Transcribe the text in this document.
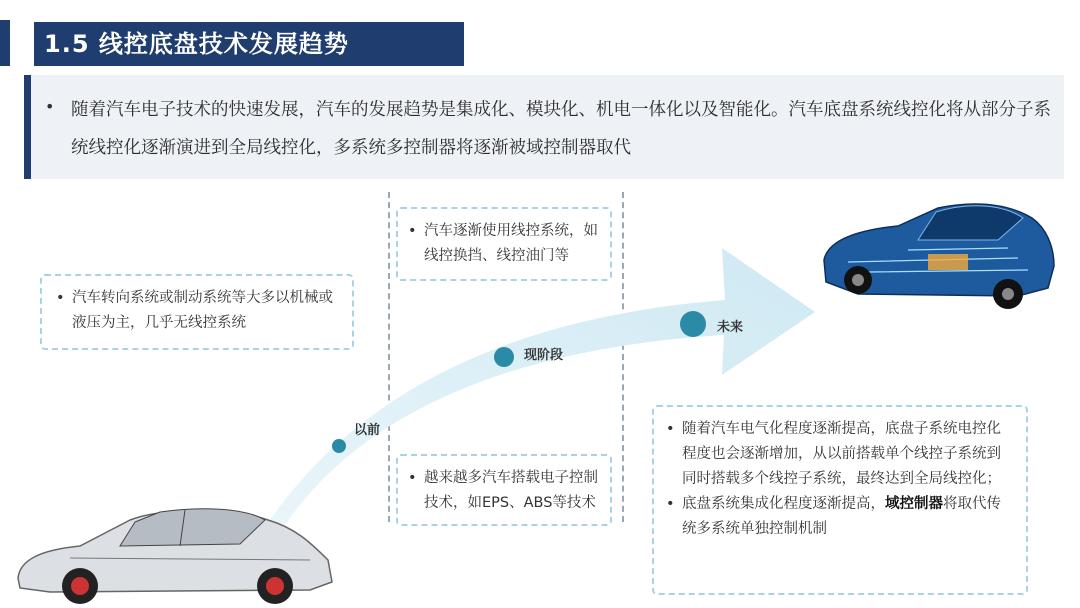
1.5 线控底盘技术发展趋势
• 随着汽车电子技术的快速发展，汽车的发展趋势是集成化、模块化、机电一体化以及智能化。汽车底盘系统线控化将从部分子系统线控化逐渐演进到全局线控化，多系统多控制器将逐渐被域控制器取代
以前
现阶段
未来
• 汽车转向系统或制动系统等大多以机械或液压为主，几乎无线控系统
• 汽车逐渐使用线控系统，如线控换挡、线控油门等
• 越来越多汽车搭载电子控制技术，如EPS、ABS等技术
• 随着汽车电气化程度逐渐提高，底盘子系统电控化程度也会逐渐增加，从以前搭载单个线控子系统到同时搭载多个线控子系统，最终达到全局线控化；
• 底盘系统集成化程度逐渐提高，域控制器将取代传统多系统单独控制机制
